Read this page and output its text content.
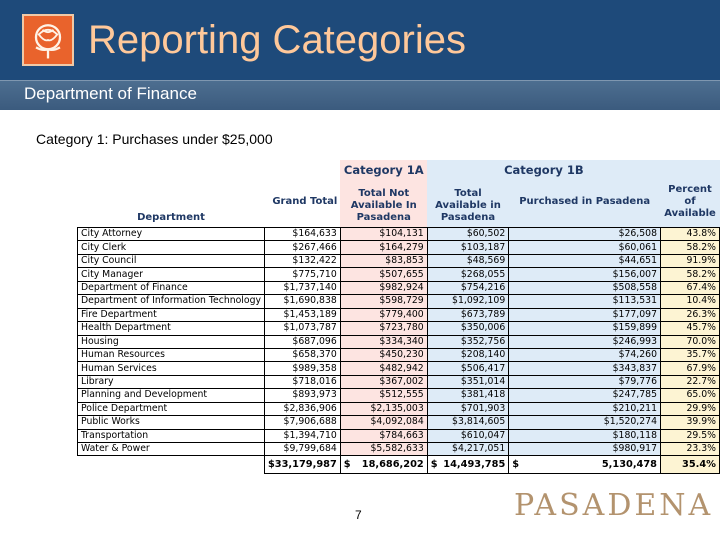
Reporting Categories
Department of Finance
Category 1: Purchases under $25,000
		Category 1A	Category 1B		
Department	Grand Total	Total Not Available In Pasadena	Total Available in Pasadena	Purchased in Pasadena	Percent of Available
City Attorney	$164,633	$104,131	$60,502	$26,508	43.8%
City Clerk	$267,466	$164,279	$103,187	$60,061	58.2%
City Council	$132,422	$83,853	$48,569	$44,651	91.9%
City Manager	$775,710	$507,655	$268,055	$156,007	58.2%
Department of Finance	$1,737,140	$982,924	$754,216	$508,558	67.4%
Department of Information Technology	$1,690,838	$598,729	$1,092,109	$113,531	10.4%
Fire Department	$1,453,189	$779,400	$673,789	$177,097	26.3%
Health Department	$1,073,787	$723,780	$350,006	$159,899	45.7%
Housing	$687,096	$334,340	$352,756	$246,993	70.0%
Human Resources	$658,370	$450,230	$208,140	$74,260	35.7%
Human Services	$989,358	$482,942	$506,417	$343,837	67.9%
Library	$718,016	$367,002	$351,014	$79,776	22.7%
Planning and Development	$893,973	$512,555	$381,418	$247,785	65.0%
Police Department	$2,836,906	$2,135,003	$701,903	$210,211	29.9%
Public Works	$7,906,688	$4,092,084	$3,814,605	$1,520,274	39.9%
Transportation	$1,394,710	$784,663	$610,047	$180,118	29.5%
Water & Power	$9,799,684	$5,582,633	$4,217,051	$980,917	23.3%
	$33,179,987	$ 18,686,202	$ 14,493,785	$ 5,130,478	35.4%
7	PASADENA
